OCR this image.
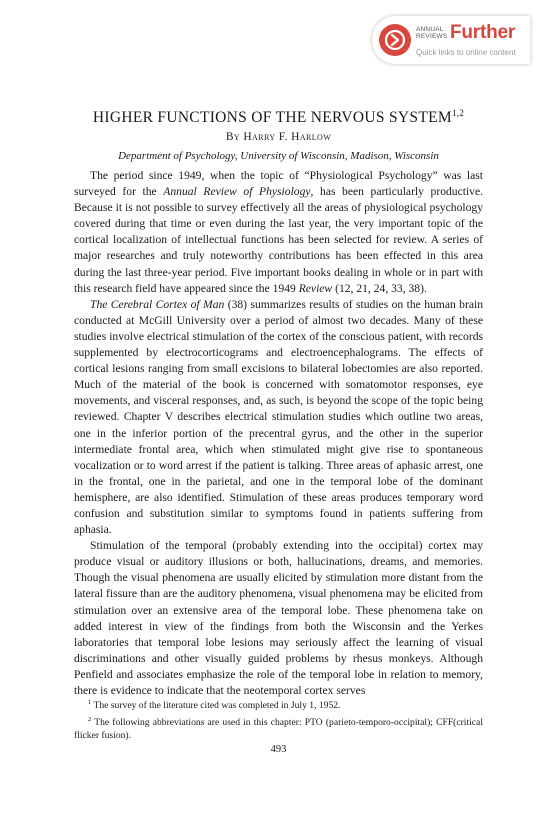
ANNUAL
REVIEWS Further
Quick links to online content
HIGHER FUNCTIONS OF THE NERVOUS SYSTEM$^{1,2}$
By Harry F. Harlow
Department of Psychology, University of Wisconsin, Madison, Wisconsin

The period since 1949, when the topic of “Physiological Psychology” was last surveyed for the Annual Review of Physiology, has been particularly productive. Because it is not possible to survey effectively all the areas of physiological psychology covered during that time or even during the last year, the very important topic of the cortical localization of intellectual functions has been selected for review. A series of major researches and truly noteworthy contributions has been effected in this area during the last three-year period. Five important books dealing in whole or in part with this research field have appeared since the 1949 Review (12, 21, 24, 33, 38).

The Cerebral Cortex of Man (38) summarizes results of studies on the human brain conducted at McGill University over a period of almost two decades. Many of these studies involve electrical stimulation of the cortex of the conscious patient, with records supplemented by electrocorticograms and electroencephalograms. The effects of cortical lesions ranging from small excisions to bilateral lobectomies are also reported. Much of the material of the book is concerned with somatomotor responses, eye movements, and visceral responses, and, as such, is beyond the scope of the topic being reviewed. Chapter V describes electrical stimulation studies which outline two areas, one in the inferior portion of the precentral gyrus, and the other in the superior intermediate frontal area, which when stimulated might give rise to spontaneous vocalization or to word arrest if the patient is talking. Three areas of aphasic arrest, one in the frontal, one in the parietal, and one in the temporal lobe of the dominant hemisphere, are also identified. Stimulation of these areas produces temporary word confusion and substitution similar to symptoms found in patients suffering from aphasia.

Stimulation of the temporal (probably extending into the occipital) cortex may produce visual or auditory illusions or both, hallucinations, dreams, and memories. Though the visual phenomena are usually elicited by stimulation more distant from the lateral fissure than are the auditory phenomena, visual phenomena may be elicited from stimulation over an extensive area of the temporal lobe. These phenomena take on added interest in view of the findings from both the Wisconsin and the Yerkes laboratories that temporal lobe lesions may seriously affect the learning of visual discriminations and other visually guided problems by rhesus monkeys. Although Penfield and associates emphasize the role of the temporal lobe in relation to memory, there is evidence to indicate that the neotemporal cortex serves

$^1$ The survey of the literature cited was completed in July 1, 1952.

$^2$ The following abbreviations are used in this chapter: PTO (parieto-temporo-occipital); CFF(critical flicker fusion).

493
